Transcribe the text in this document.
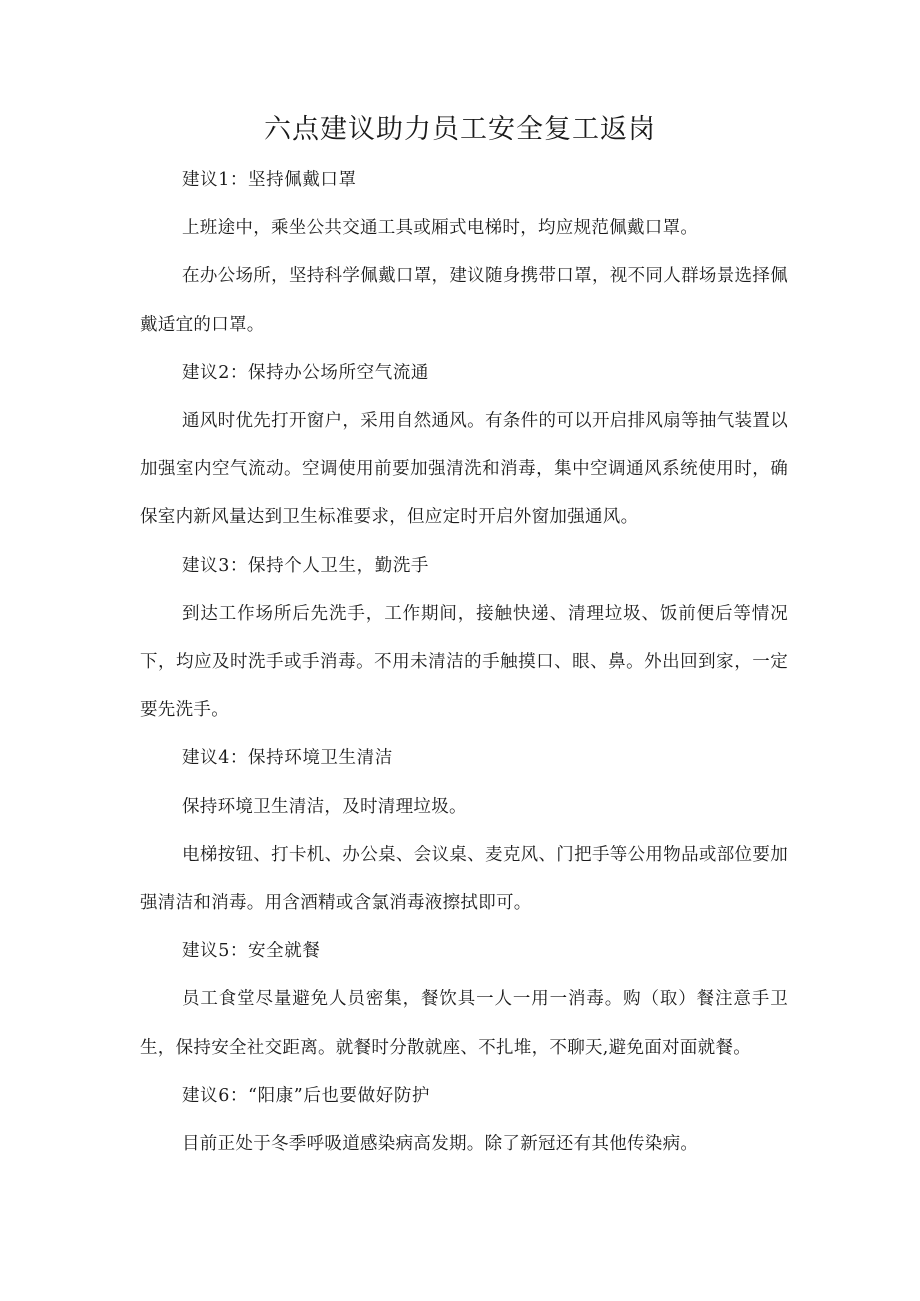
六点建议助力员工安全复工返岗

建议1：坚持佩戴口罩

上班途中，乘坐公共交通工具或厢式电梯时，均应规范佩戴口罩。

在办公场所，坚持科学佩戴口罩，建议随身携带口罩，视不同人群场景选择佩戴适宜的口罩。

建议2：保持办公场所空气流通

通风时优先打开窗户，采用自然通风。有条件的可以开启排风扇等抽气装置以加强室内空气流动。空调使用前要加强清洗和消毒，集中空调通风系统使用时，确保室内新风量达到卫生标准要求，但应定时开启外窗加强通风。

建议3：保持个人卫生，勤洗手

到达工作场所后先洗手，工作期间，接触快递、清理垃圾、饭前便后等情况下，均应及时洗手或手消毒。不用未清洁的手触摸口、眼、鼻。外出回到家，一定要先洗手。

建议4：保持环境卫生清洁

保持环境卫生清洁，及时清理垃圾。

电梯按钮、打卡机、办公桌、会议桌、麦克风、门把手等公用物品或部位要加强清洁和消毒。用含酒精或含氯消毒液擦拭即可。

建议5：安全就餐

员工食堂尽量避免人员密集，餐饮具一人一用一消毒。购（取）餐注意手卫生，保持安全社交距离。就餐时分散就座、不扎堆，不聊天,避免面对面就餐。

建议6：“阳康”后也要做好防护

目前正处于冬季呼吸道感染病高发期。除了新冠还有其他传染病。
